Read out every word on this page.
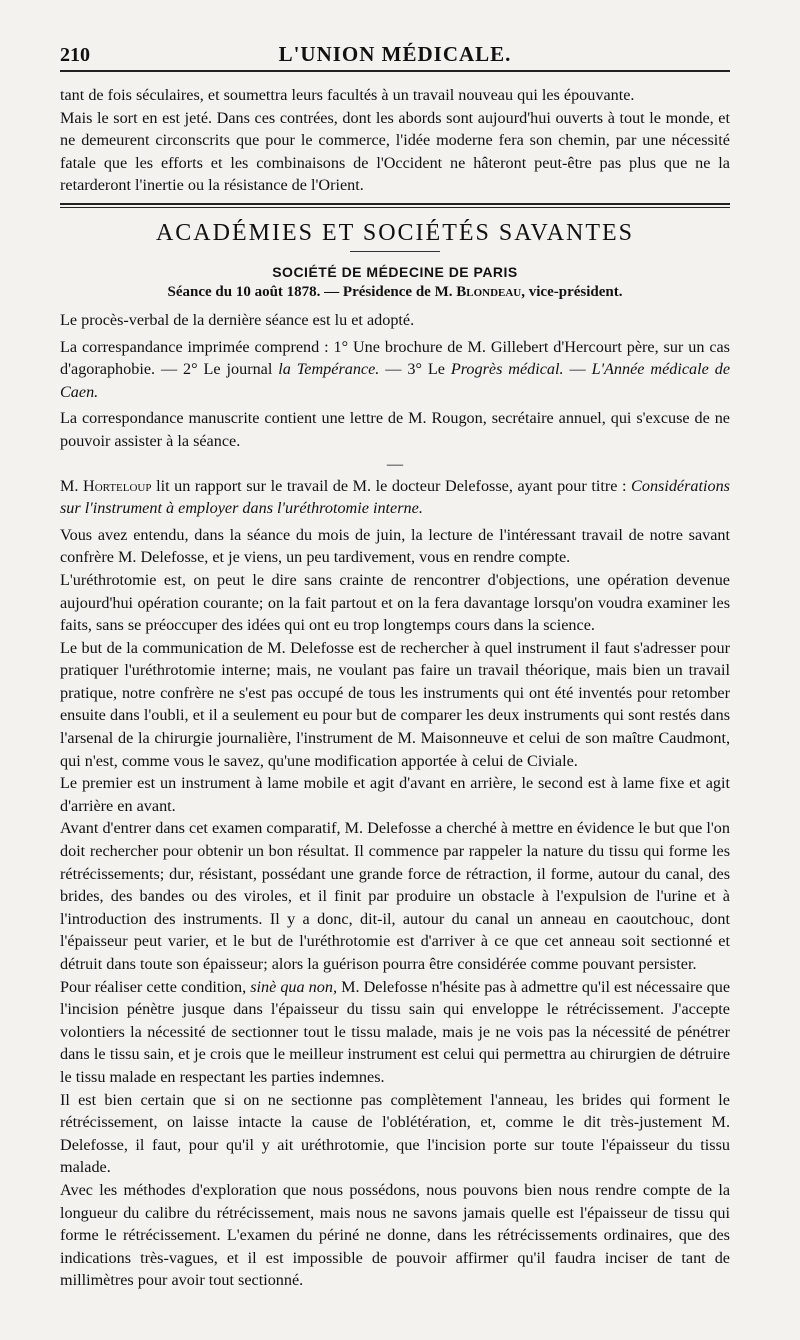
210	L'UNION MÉDICALE.

tant de fois séculaires, et soumettra leurs facultés à un travail nouveau qui les épouvante.

Mais le sort en est jeté. Dans ces contrées, dont les abords sont aujourd'hui ouverts à tout le monde, et ne demeurent circonscrits que pour le commerce, l'idée moderne fera son chemin, par une nécessité fatale que les efforts et les combinaisons de l'Occident ne hâteront peut-être pas plus que ne la retarderont l'inertie ou la résistance de l'Orient.

ACADÉMIES ET SOCIÉTÉS SAVANTES
SOCIÉTÉ DE MÉDECINE DE PARIS
Séance du 10 août 1878. — Présidence de M. Blondeau, vice-président.

Le procès-verbal de la dernière séance est lu et adopté.

La correspandance imprimée comprend : 1° Une brochure de M. Gillebert d'Hercourt père, sur un cas d'agoraphobie. — 2° Le journal la Tempérance. — 3° Le Progrès médical. — L'Année médicale de Caen.

La correspondance manuscrite contient une lettre de M. Rougon, secrétaire annuel, qui s'excuse de ne pouvoir assister à la séance.

—

M. Horteloup lit un rapport sur le travail de M. le docteur Delefosse, ayant pour titre : Considérations sur l'instrument à employer dans l'uréthrotomie interne.

Vous avez entendu, dans la séance du mois de juin, la lecture de l'intéressant travail de notre savant confrère M. Delefosse, et je viens, un peu tardivement, vous en rendre compte.

L'uréthrotomie est, on peut le dire sans crainte de rencontrer d'objections, une opération devenue aujourd'hui opération courante; on la fait partout et on la fera davantage lorsqu'on voudra examiner les faits, sans se préoccuper des idées qui ont eu trop longtemps cours dans la science.

Le but de la communication de M. Delefosse est de rechercher à quel instrument il faut s'adresser pour pratiquer l'uréthrotomie interne; mais, ne voulant pas faire un travail théorique, mais bien un travail pratique, notre confrère ne s'est pas occupé de tous les instruments qui ont été inventés pour retomber ensuite dans l'oubli, et il a seulement eu pour but de comparer les deux instruments qui sont restés dans l'arsenal de la chirurgie journalière, l'instrument de M. Maisonneuve et celui de son maître Caudmont, qui n'est, comme vous le savez, qu'une modification apportée à celui de Civiale.

Le premier est un instrument à lame mobile et agit d'avant en arrière, le second est à lame fixe et agit d'arrière en avant.

Avant d'entrer dans cet examen comparatif, M. Delefosse a cherché à mettre en évidence le but que l'on doit rechercher pour obtenir un bon résultat. Il commence par rappeler la nature du tissu qui forme les rétrécissements; dur, résistant, possédant une grande force de rétraction, il forme, autour du canal, des brides, des bandes ou des viroles, et il finit par produire un obstacle à l'expulsion de l'urine et à l'introduction des instruments. Il y a donc, dit-il, autour du canal un anneau en caoutchouc, dont l'épaisseur peut varier, et le but de l'uréthrotomie est d'arriver à ce que cet anneau soit sectionné et détruit dans toute son épaisseur; alors la guérison pourra être considérée comme pouvant persister.

Pour réaliser cette condition, sinè qua non, M. Delefosse n'hésite pas à admettre qu'il est nécessaire que l'incision pénètre jusque dans l'épaisseur du tissu sain qui enveloppe le rétrécissement. J'accepte volontiers la nécessité de sectionner tout le tissu malade, mais je ne vois pas la nécessité de pénétrer dans le tissu sain, et je crois que le meilleur instrument est celui qui permettra au chirurgien de détruire le tissu malade en respectant les parties indemnes.

Il est bien certain que si on ne sectionne pas complètement l'anneau, les brides qui forment le rétrécissement, on laisse intacte la cause de l'oblétération, et, comme le dit très-justement M. Delefosse, il faut, pour qu'il y ait uréthrotomie, que l'incision porte sur toute l'épaisseur du tissu malade.

Avec les méthodes d'exploration que nous possédons, nous pouvons bien nous rendre compte de la longueur du calibre du rétrécissement, mais nous ne savons jamais quelle est l'épaisseur de tissu qui forme le rétrécissement. L'examen du périné ne donne, dans les rétrécissements ordinaires, que des indications très-vagues, et il est impossible de pouvoir affirmer qu'il faudra inciser de tant de millimètres pour avoir tout sectionné.
